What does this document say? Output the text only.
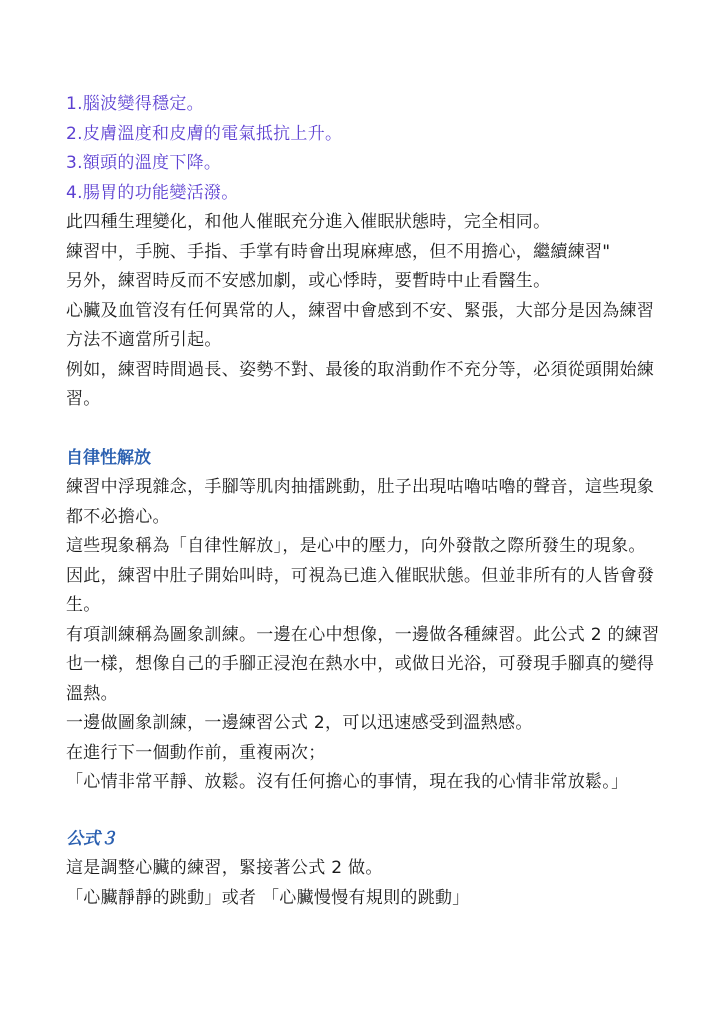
1.腦波變得穩定。
2.皮膚溫度和皮膚的電氣抵抗上升。
3.額頭的溫度下降。
4.腸胃的功能變活潑。
此四種生理變化，和他人催眠充分進入催眠狀態時，完全相同。
練習中，手腕、手指、手掌有時會出現麻痺感，但不用擔心，繼續練習"
另外，練習時反而不安感加劇，或心悸時，要暫時中止看醫生。
心臟及血管沒有任何異常的人，練習中會感到不安、緊張，大部分是因為練習
方法不適當所引起。
例如，練習時間過長、姿勢不對、最後的取消動作不充分等，必須從頭開始練
習。
自律性解放
練習中浮現雜念，手腳等肌肉抽擂跳動，肚子出現咕嚕咕嚕的聲音，這些現象
都不必擔心。
這些現象稱為「自律性解放」，是心中的壓力，向外發散之際所發生的現象。
因此，練習中肚子開始叫時，可視為已進入催眠狀態。但並非所有的人皆會發
生。
有項訓練稱為圖象訓練。一邊在心中想像，一邊做各種練習。此公式 2 的練習
也一樣，想像自己的手腳正浸泡在熱水中，或做日光浴，可發現手腳真的變得
溫熱。
一邊做圖象訓練，一邊練習公式 2，可以迅速感受到溫熱感。
在進行下一個動作前，重複兩次；
「心情非常平靜、放鬆。沒有任何擔心的事情，現在我的心情非常放鬆。」
公式３
這是調整心臟的練習，緊接著公式 2 做。
「心臟靜靜的跳動」或者 「心臟慢慢有規則的跳動」
